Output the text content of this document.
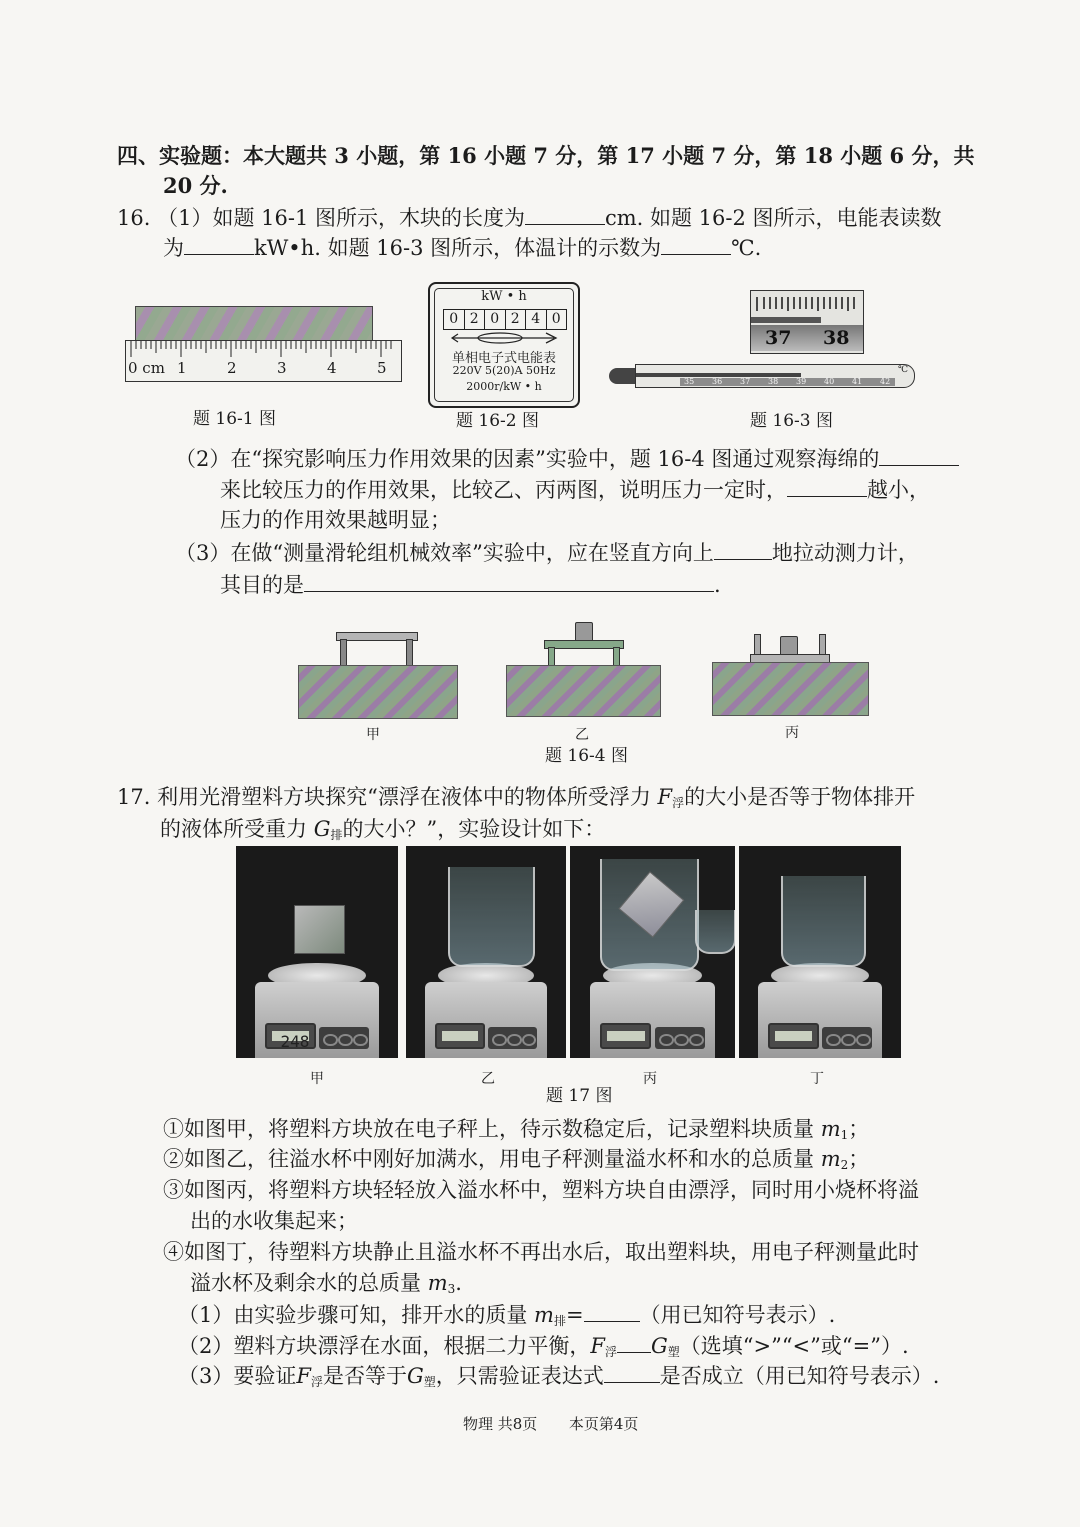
四、实验题：本大题共 3 小题，第 16 小题 7 分，第 17 小题 7 分，第 18 小题 6 分，共
20 分.
16. （1）如题 16-1 图所示，木块的长度为	cm. 如题 16-2 图所示，电能表读数
为	kW•h. 如题 16-3 图所示，体温计的示数为	℃.
0 cm 1	2	3	4	5
题 16-1 图
kW • h
0 2 0 2 4 0
单相电子式电能表
220V 5(20)A 50Hz
2000r/kW • h
题 16-2 图
37 38
35 36 37 38 39 40 41 42
℃
题 16-3 图
（2）在“探究影响压力作用效果的因素”实验中，题 16-4 图通过观察海绵的
来比较压力的作用效果，比较乙、丙两图，说明压力一定时，	越小，
压力的作用效果越明显；
（3）在做“测量滑轮组机械效率”实验中，应在竖直方向上	地拉动测力计，
其目的是	.
甲	乙	丙
题 16-4 图
17. 利用光滑塑料方块探究“漂浮在液体中的物体所受浮力 $F_浮$的大小是否等于物体排开
的液体所受重力 $G_排$的大小？”，实验设计如下：
248
甲	乙	丙	丁
题 17 图
①如图甲，将塑料方块放在电子秤上，待示数稳定后，记录塑料块质量 $m_1$；
②如图乙，往溢水杯中刚好加满水，用电子秤测量溢水杯和水的总质量 $m_2$；
③如图丙，将塑料方块轻轻放入溢水杯中，塑料方块自由漂浮，同时用小烧杯将溢
出的水收集起来；
④如图丁，待塑料方块静止且溢水杯不再出水后，取出塑料块，用电子秤测量此时
溢水杯及剩余水的总质量 $m_3$.
（1）由实验步骤可知，排开水的质量 $m_排=$	（用已知符号表示）.
（2）塑料方块漂浮在水面，根据二力平衡，$F_浮$ $G_塑$（选填“>”“<”或“=”）.
（3）要验证$F_浮$是否等于$G_塑$，只需验证表达式	是否成立（用已知符号表示）.
物理 共8页 本页第4页
